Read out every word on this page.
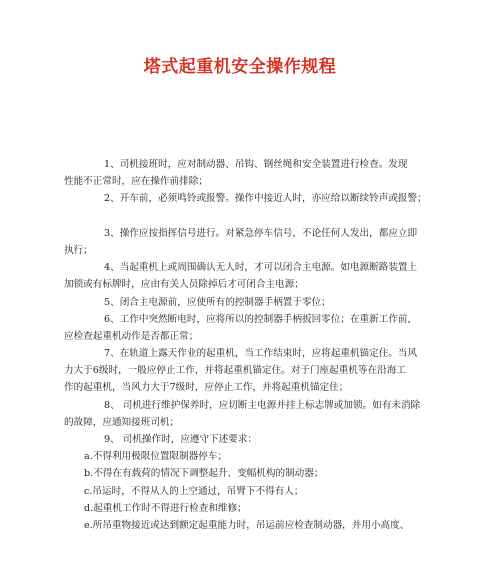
塔式起重机安全操作规程
1、司机接班时，应对制动器、吊钩、钢丝绳和安全装置进行检查。发现
性能不正常时，应在操作前排除；
2、开车前，必须鸣铃或报警。操作中接近人时，亦应给以断续铃声或报警；
3、操作应按指挥信号进行。对紧急停车信号，不论任何人发出，都应立即
执行；
4、当起重机上或周围确认无人时，才可以闭合主电源。如电源断路装置上
加锁或有标牌时，应由有关人员除掉后才可闭合主电源；
5、闭合主电源前，应使所有的控制器手柄置于零位；
6、工作中突然断电时，应将所以的控制器手柄扳回零位；在重新工作前，
应检查起重机动作是否都正常；
7、在轨道上露天作业的起重机，当工作结束时，应将起重机锚定住。当风
力大于6级时，一般应停止工作，并将起重机锚定住。对于门座起重机等在沿海工
作的起重机，当风力大于7级时，应停止工作，并将起重机锚定住；
8、 司机进行维护保养时，应切断主电源并挂上标志牌或加锁。如有未消除
的故障，应通知接班司机；
9、 司机操作时，应遵守下述要求：
a.不得利用极限位置限制器停车；
b.不得在有载荷的情况下调整起升、变幅机构的制动器；
c.吊运时，不得从人的上空通过，吊臂下不得有人；
d.起重机工作时不得进行检查和维修；
e.所吊重物接近或达到额定起重能力时，吊运前应检查制动器，并用小高度、
